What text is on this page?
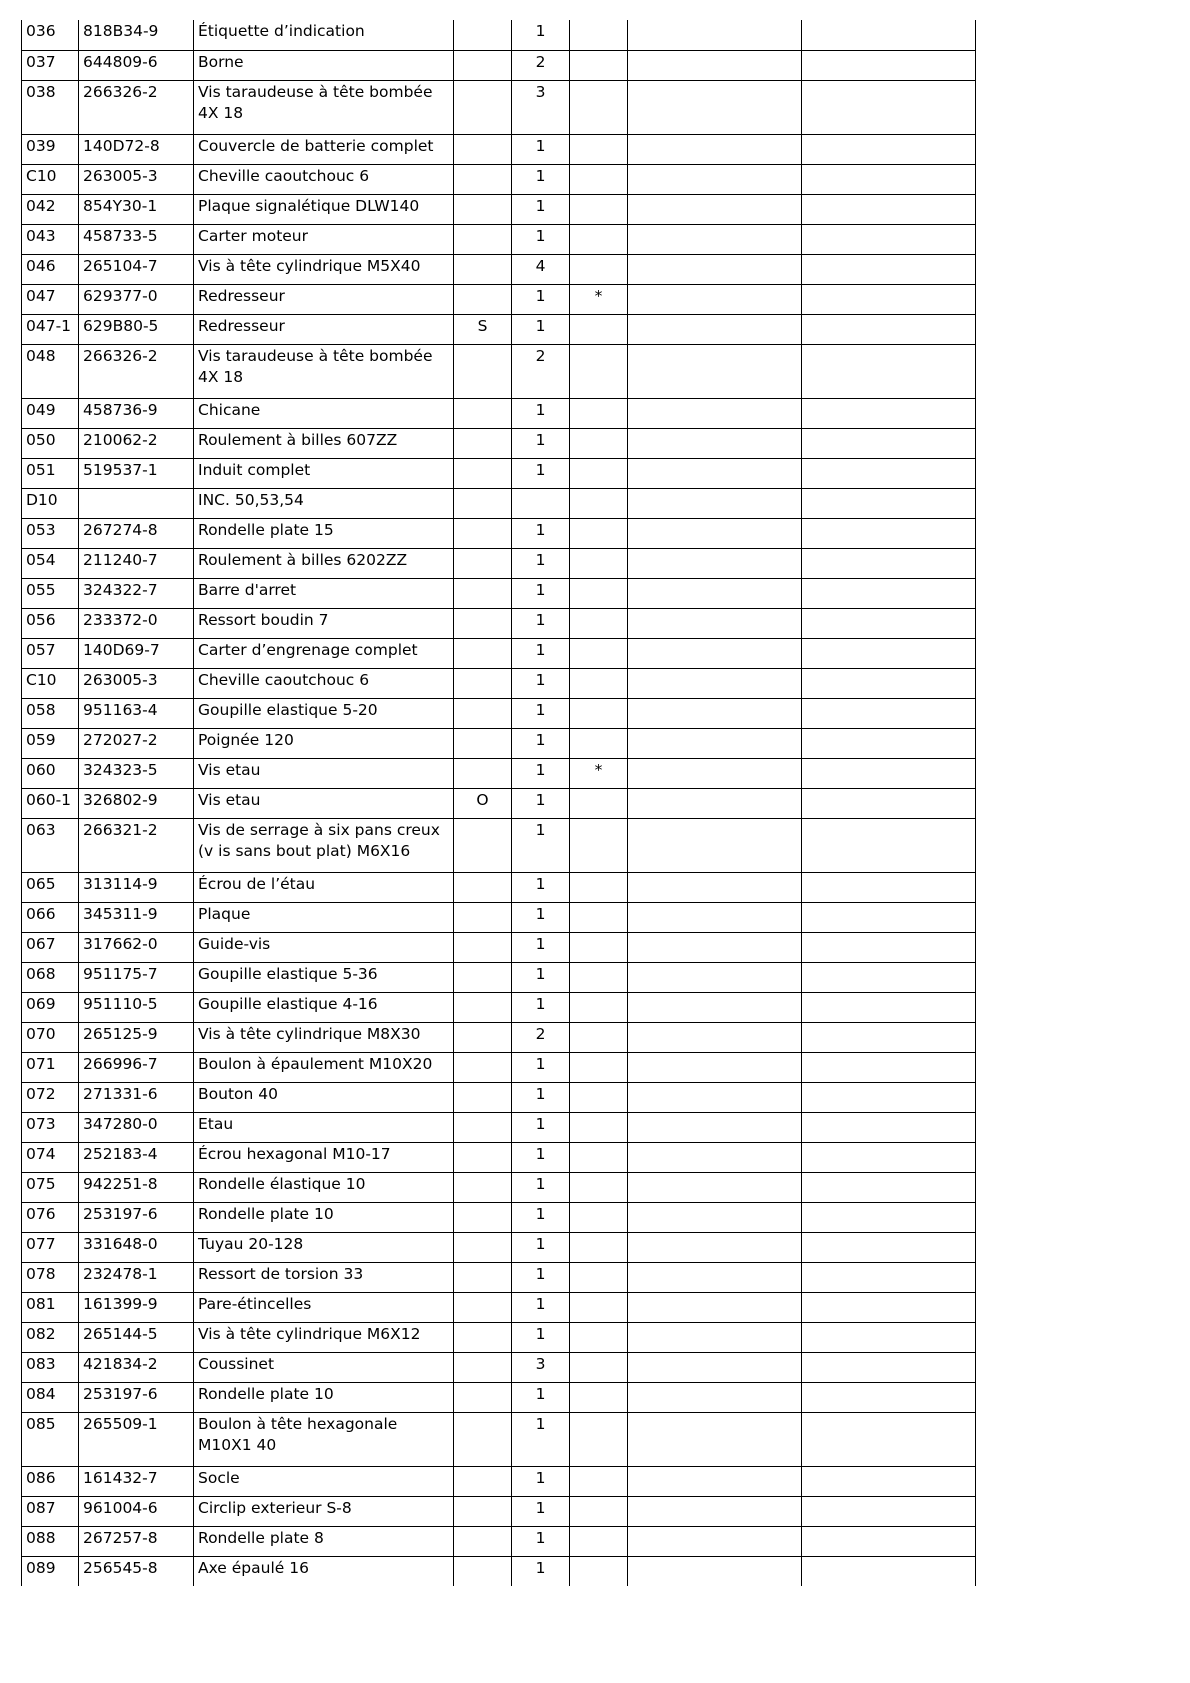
036	818B34-9	Étiquette d’indication		1			

037	644809-6	Borne		2			

038	266326-2	Vis taraudeuse à tête bombée 4X 18		3			

039	140D72-8	Couvercle de batterie complet		1			

C10	263005-3	Cheville caoutchouc 6		1			

042	854Y30-1	Plaque signalétique DLW140		1			

043	458733-5	Carter moteur		1			

046	265104-7	Vis à tête cylindrique M5X40		4			

047	629377-0	Redresseur		1	*		

047-1	629B80-5	Redresseur	S	1			

048	266326-2	Vis taraudeuse à tête bombée 4X 18		2			

049	458736-9	Chicane		1			

050	210062-2	Roulement à billes 607ZZ		1			

051	519537-1	Induit complet		1			

D10		INC. 50,53,54					

053	267274-8	Rondelle plate 15		1			

054	211240-7	Roulement à billes 6202ZZ		1			

055	324322-7	Barre d'arret		1			

056	233372-0	Ressort boudin 7		1			

057	140D69-7	Carter d’engrenage complet		1			

C10	263005-3	Cheville caoutchouc 6		1			

058	951163-4	Goupille elastique 5-20		1			

059	272027-2	Poignée 120		1			

060	324323-5	Vis etau		1	*		

060-1	326802-9	Vis etau	O	1			

063	266321-2	Vis de serrage à six pans creux (v is sans bout plat) M6X16		1			

065	313114-9	Écrou de l’étau		1			

066	345311-9	Plaque		1			

067	317662-0	Guide-vis		1			

068	951175-7	Goupille elastique 5-36		1			

069	951110-5	Goupille elastique 4-16		1			

070	265125-9	Vis à tête cylindrique M8X30		2			

071	266996-7	Boulon à épaulement M10X20		1			

072	271331-6	Bouton 40		1			

073	347280-0	Etau		1			

074	252183-4	Écrou hexagonal M10-17		1			

075	942251-8	Rondelle élastique 10		1			

076	253197-6	Rondelle plate 10		1			

077	331648-0	Tuyau 20-128		1			

078	232478-1	Ressort de torsion 33		1			

081	161399-9	Pare-étincelles		1			

082	265144-5	Vis à tête cylindrique M6X12		1			

083	421834-2	Coussinet		3			

084	253197-6	Rondelle plate 10		1			

085	265509-1	Boulon à tête hexagonale M10X1 40		1			

086	161432-7	Socle		1			

087	961004-6	Circlip exterieur S-8		1			

088	267257-8	Rondelle plate 8		1			

089	256545-8	Axe épaulé 16		1			
